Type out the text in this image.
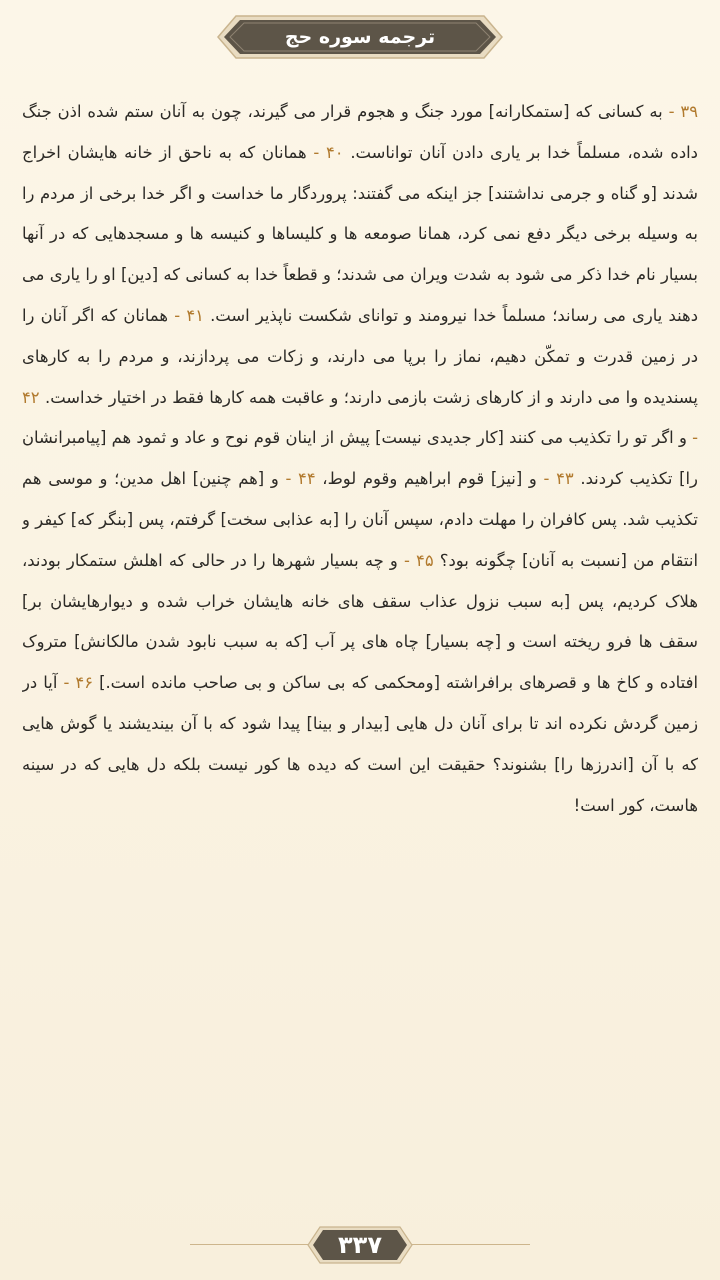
ترجمه سوره حج
۳۹ - به کسانی که [ستمکارانه] مورد جنگ و هجوم قرار می گیرند، چون به آنان ستم شده اذن جنگ داده شده، مسلماً خدا بر یاری دادن آنان تواناست. ۴۰ - همانان که به ناحق از خانه هایشان اخراج شدند [و گناه و جرمی نداشتند] جز اینکه می گفتند: پروردگار ما خداست و اگر خدا برخی از مردم را به وسیله برخی دیگر دفع نمی کرد، همانا صومعه ها و کلیساها و کنیسه ها و مسجدهایی که در آنها بسیار نام خدا ذکر می شود به شدت ویران می شدند؛ و قطعاً خدا به کسانی که [دین] او را یاری می دهند یاری می رساند؛ مسلماً خدا نیرومند و توانای شکست ناپذیر است. ۴۱ - همانان که اگر آنان را در زمین قدرت و تمکّن دهیم، نماز را برپا می دارند، و زکات می پردازند، و مردم را به کارهای پسندیده وا می دارند و از کارهای زشت بازمی دارند؛ و عاقبت همه کارها فقط در اختیار خداست. ۴۲ - و اگر تو را تکذیب می کنند [کار جدیدی نیست] پیش از اینان قوم نوح و عاد و ثمود هم [پیامبرانشان را] تکذیب کردند. ۴۳ - و [نیز] قوم ابراهیم وقوم لوط، ۴۴ - و [هم چنین] اهل مدین؛ و موسی هم تکذیب شد. پس کافران را مهلت دادم، سپس آنان را [به عذابی سخت] گرفتم، پس [بنگر که] کیفر و انتقام من [نسبت به آنان] چگونه بود؟ ۴۵ - و چه بسیار شهرها را در حالی که اهلش ستمکار بودند، هلاک کردیم، پس [به سبب نزول عذاب سقف های خانه هایشان خراب شده و دیوارهایشان بر] سقف ها فرو ریخته است و [چه بسیار] چاه های پر آب [که به سبب نابود شدن مالکانش] متروک افتاده و کاخ ها و قصرهای برافراشته [ومحکمی که بی ساکن و بی صاحب مانده است.] ۴۶ - آیا در زمین گردش نکرده اند تا برای آنان دل هایی [بیدار و بینا] پیدا شود که با آن بیندیشند یا گوش هایی که با آن [اندرزها را] بشنوند؟ حقیقت این است که دیده ها کور نیست بلکه دل هایی که در سینه هاست، کور است!
۳۳۷
